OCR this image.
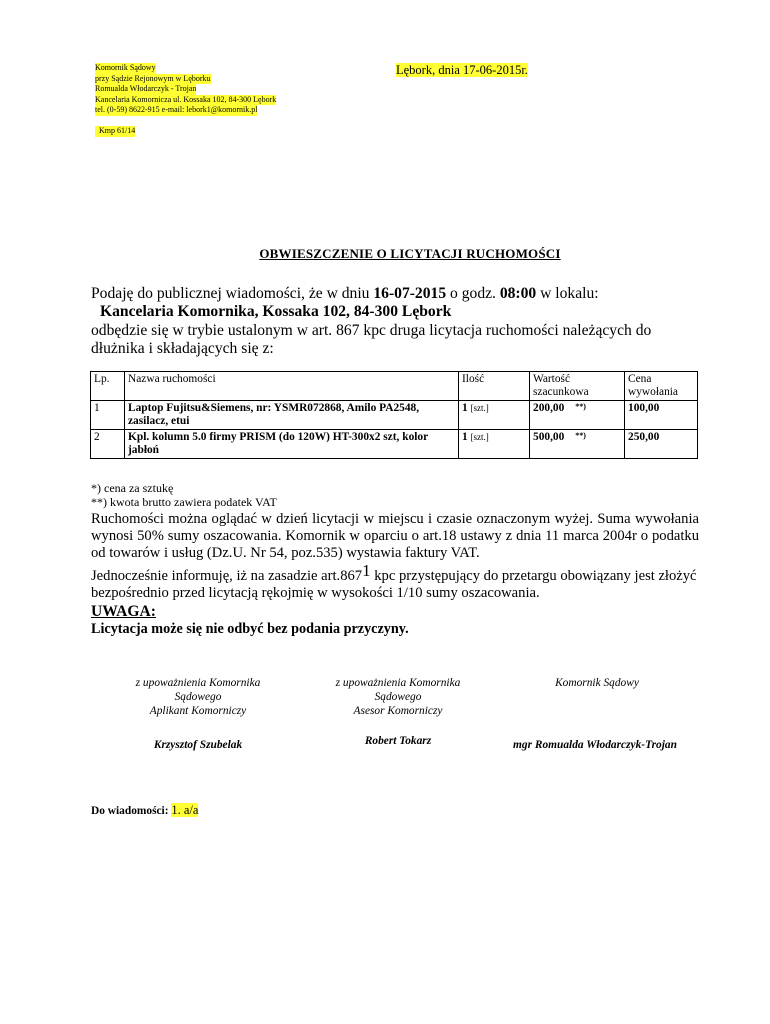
Komornik Sądowy
przy Sądzie Rejonowym w Lęborku
Romualda Włodarczyk - Trojan
Kancelaria Komornicza ul. Kossaka 102, 84-300 Lębork
tel. (0-59) 8622-915 e-mail: lebork1@komornik.pl
Kmp 61/14
Lębork, dnia 17-06-2015r.
OBWIESZCZENIE O LICYTACJI RUCHOMOŚCI
Podaję do publicznej wiadomości, że w dniu 16-07-2015 o godz. 08:00 w lokalu:
Kancelaria Komornika, Kossaka 102, 84-300 Lębork
odbędzie się w trybie ustalonym w art. 867 kpc druga licytacja ruchomości należących do dłużnika i składających się z:
Lp.	Nazwa ruchomości	Ilość	Wartość szacunkowa	Cena wywołania
1	Laptop Fujitsu&Siemens, nr: YSMR072868, Amilo PA2548, zasilacz, etui	1 [szt.]	200,00 **)	100,00
2	Kpl. kolumn 5.0 firmy PRISM (do 120W) HT-300x2 szt, kolor jabłoń	1 [szt.]	500,00 **)	250,00
*) cena za sztukę
**) kwota brutto zawiera podatek VAT
Ruchomości można oglądać w dzień licytacji w miejscu i czasie oznaczonym wyżej. Suma wywołania wynosi 50% sumy oszacowania. Komornik w oparciu o art.18 ustawy z dnia 11 marca 2004r o podatku od towarów i usług (Dz.U. Nr 54, poz.535) wystawia faktury VAT.
Jednocześnie informuję, iż na zasadzie art.8671 kpc przystępujący do przetargu obowiązany jest złożyć bezpośrednio przed licytacją rękojmię w wysokości 1/10 sumy oszacowania.
UWAGA:
Licytacja może się nie odbyć bez podania przyczyny.
z upoważnienia Komornika
Sądowego
Aplikant Komorniczy
Krzysztof Szubelak
z upoważnienia Komornika
Sądowego
Asesor Komorniczy
Robert Tokarz
Komornik Sądowy
mgr Romualda Włodarczyk-Trojan
Do wiadomości: 1. a/a
